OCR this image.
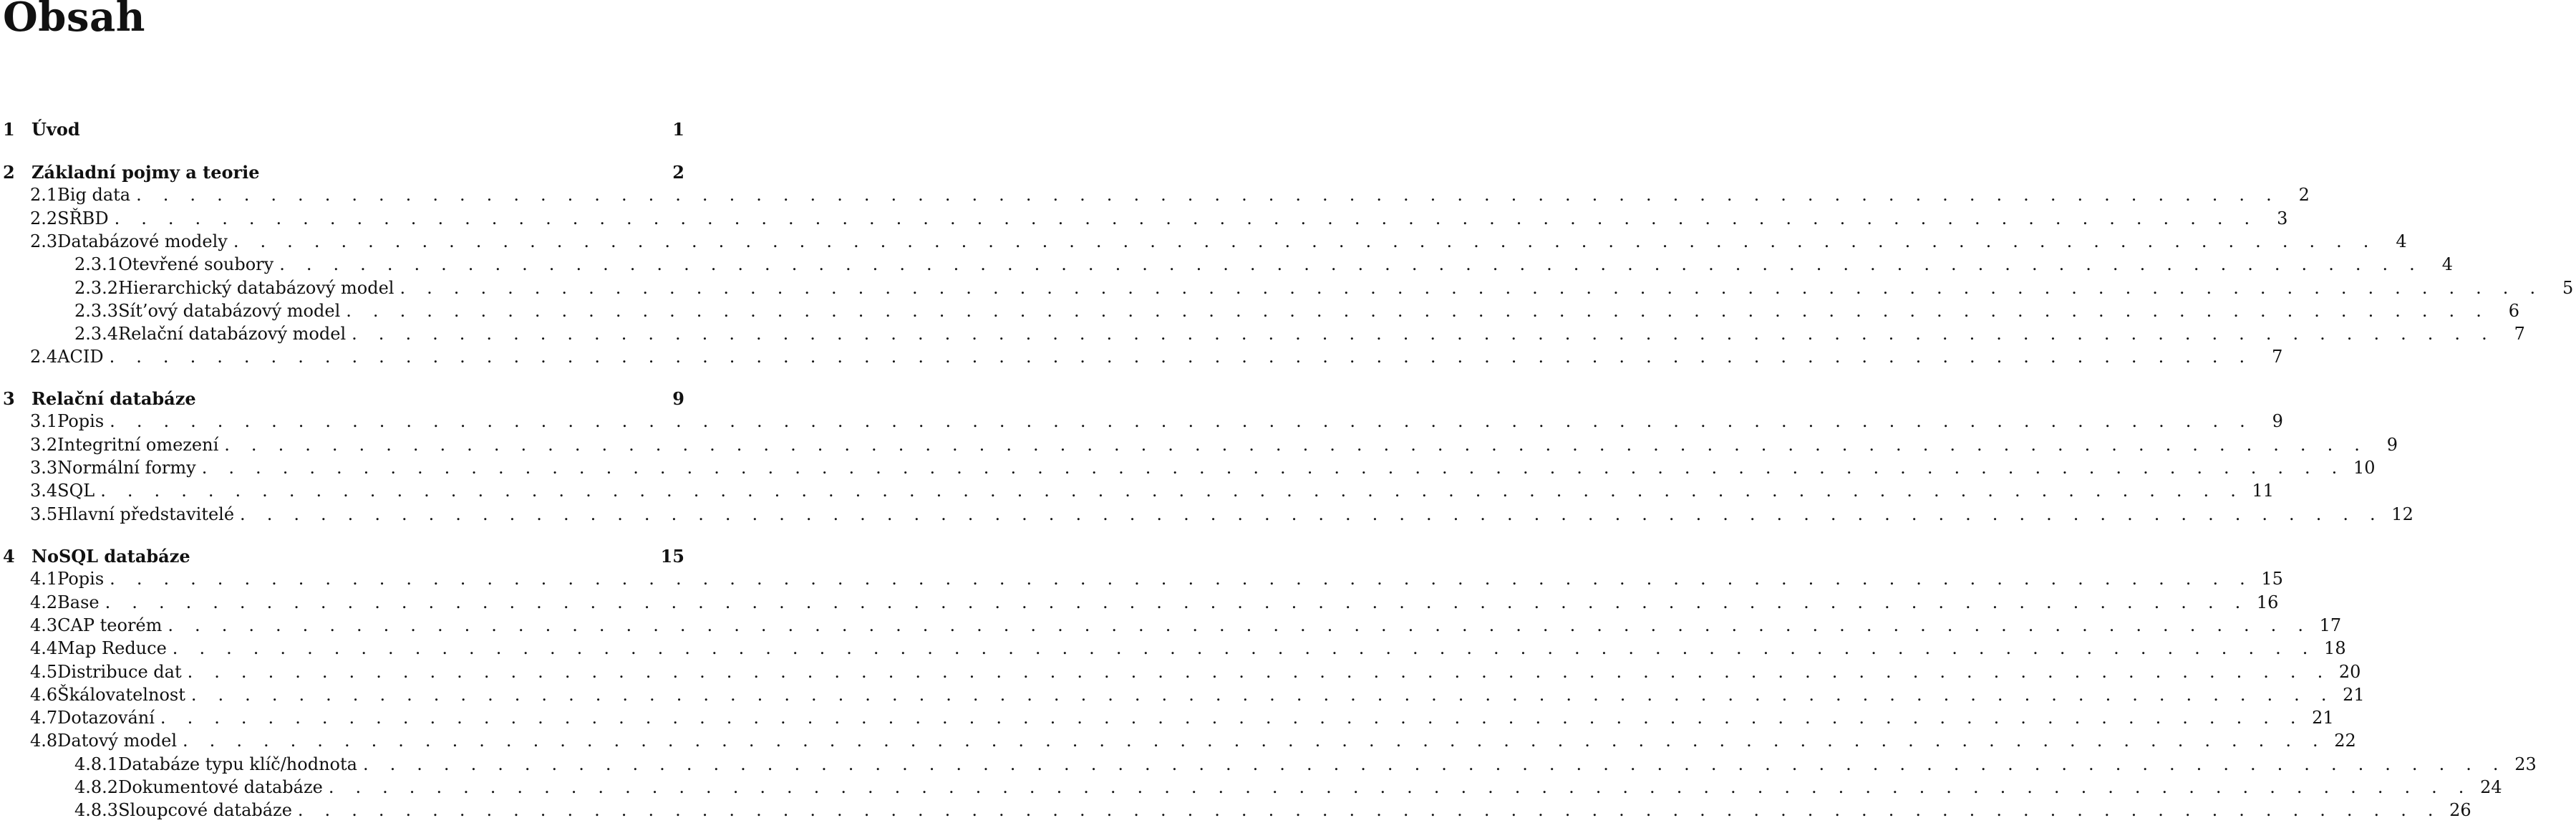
Obsah
1 Úvod	1
2 Základní pojmy a teorie	2
2.1 Big data . . . . . . . . . . . . . . . . . . . . . . . . . . . . . . . . . . . . . . . . . . . . . . . . . . . . . . . . . . . . . . . . . . . . . . . . . . . . . . . .	2
2.2 SŘBD . . . . . . . . . . . . . . . . . . . . . . . . . . . . . . . . . . . . . . . . . . . . . . . . . . . . . . . . . . . . . . . . . . . . . . . . . . . . . . . .	3
2.3 Databázové modely . . . . . . . . . . . . . . . . . . . . . . . . . . . . . . . . . . . . . . . . . . . . . . . . . . . . . . . . . . . . . . . . . . . . . . . . . . . . . . . .	4
2.3.1 Otevřené soubory . . . . . . . . . . . . . . . . . . . . . . . . . . . . . . . . . . . . . . . . . . . . . . . . . . . . . . . . . . . . . . . . . . . . . . . . . . . . . . . .	4
2.3.2 Hierarchický databázový model . . . . . . . . . . . . . . . . . . . . . . . . . . . . . . . . . . . . . . . . . . . . . . . . . . . . . . . . . . . . . . . . . . . . . . . . . . . . . . . .	5
2.3.3 Sít’ový databázový model . . . . . . . . . . . . . . . . . . . . . . . . . . . . . . . . . . . . . . . . . . . . . . . . . . . . . . . . . . . . . . . . . . . . . . . . . . . . . . . .	6
2.3.4 Relační databázový model . . . . . . . . . . . . . . . . . . . . . . . . . . . . . . . . . . . . . . . . . . . . . . . . . . . . . . . . . . . . . . . . . . . . . . . . . . . . . . . .	7
2.4 ACID . . . . . . . . . . . . . . . . . . . . . . . . . . . . . . . . . . . . . . . . . . . . . . . . . . . . . . . . . . . . . . . . . . . . . . . . . . . . . . . .	7
3 Relační databáze	9
3.1 Popis . . . . . . . . . . . . . . . . . . . . . . . . . . . . . . . . . . . . . . . . . . . . . . . . . . . . . . . . . . . . . . . . . . . . . . . . . . . . . . . .	9
3.2 Integritní omezení . . . . . . . . . . . . . . . . . . . . . . . . . . . . . . . . . . . . . . . . . . . . . . . . . . . . . . . . . . . . . . . . . . . . . . . . . . . . . . . .	9
3.3 Normální formy . . . . . . . . . . . . . . . . . . . . . . . . . . . . . . . . . . . . . . . . . . . . . . . . . . . . . . . . . . . . . . . . . . . . . . . . . . . . . . . . 10
3.4 SQL . . . . . . . . . . . . . . . . . . . . . . . . . . . . . . . . . . . . . . . . . . . . . . . . . . . . . . . . . . . . . . . . . . . . . . . . . . . . . . . . 11
3.5 Hlavní představitelé . . . . . . . . . . . . . . . . . . . . . . . . . . . . . . . . . . . . . . . . . . . . . . . . . . . . . . . . . . . . . . . . . . . . . . . . . . . . . . . . 12
4 NoSQL databáze	15
4.1 Popis . . . . . . . . . . . . . . . . . . . . . . . . . . . . . . . . . . . . . . . . . . . . . . . . . . . . . . . . . . . . . . . . . . . . . . . . . . . . . . . . 15
4.2 Base . . . . . . . . . . . . . . . . . . . . . . . . . . . . . . . . . . . . . . . . . . . . . . . . . . . . . . . . . . . . . . . . . . . . . . . . . . . . . . . . 16
4.3 CAP teorém . . . . . . . . . . . . . . . . . . . . . . . . . . . . . . . . . . . . . . . . . . . . . . . . . . . . . . . . . . . . . . . . . . . . . . . . . . . . . . . . 17
4.4 Map Reduce . . . . . . . . . . . . . . . . . . . . . . . . . . . . . . . . . . . . . . . . . . . . . . . . . . . . . . . . . . . . . . . . . . . . . . . . . . . . . . . . 18
4.5 Distribuce dat . . . . . . . . . . . . . . . . . . . . . . . . . . . . . . . . . . . . . . . . . . . . . . . . . . . . . . . . . . . . . . . . . . . . . . . . . . . . . . . . 20
4.6 Škálovatelnost . . . . . . . . . . . . . . . . . . . . . . . . . . . . . . . . . . . . . . . . . . . . . . . . . . . . . . . . . . . . . . . . . . . . . . . . . . . . . . . . 21
4.7 Dotazování . . . . . . . . . . . . . . . . . . . . . . . . . . . . . . . . . . . . . . . . . . . . . . . . . . . . . . . . . . . . . . . . . . . . . . . . . . . . . . . . 21
4.8 Datový model . . . . . . . . . . . . . . . . . . . . . . . . . . . . . . . . . . . . . . . . . . . . . . . . . . . . . . . . . . . . . . . . . . . . . . . . . . . . . . . . 22
4.8.1 Databáze typu klíč/hodnota . . . . . . . . . . . . . . . . . . . . . . . . . . . . . . . . . . . . . . . . . . . . . . . . . . . . . . . . . . . . . . . . . . . . . . . . . . . . . . . . 23
4.8.2 Dokumentové databáze . . . . . . . . . . . . . . . . . . . . . . . . . . . . . . . . . . . . . . . . . . . . . . . . . . . . . . . . . . . . . . . . . . . . . . . . . . . . . . . . 24
4.8.3 Sloupcové databáze . . . . . . . . . . . . . . . . . . . . . . . . . . . . . . . . . . . . . . . . . . . . . . . . . . . . . . . . . . . . . . . . . . . . . . . . . . . . . . . . 26
